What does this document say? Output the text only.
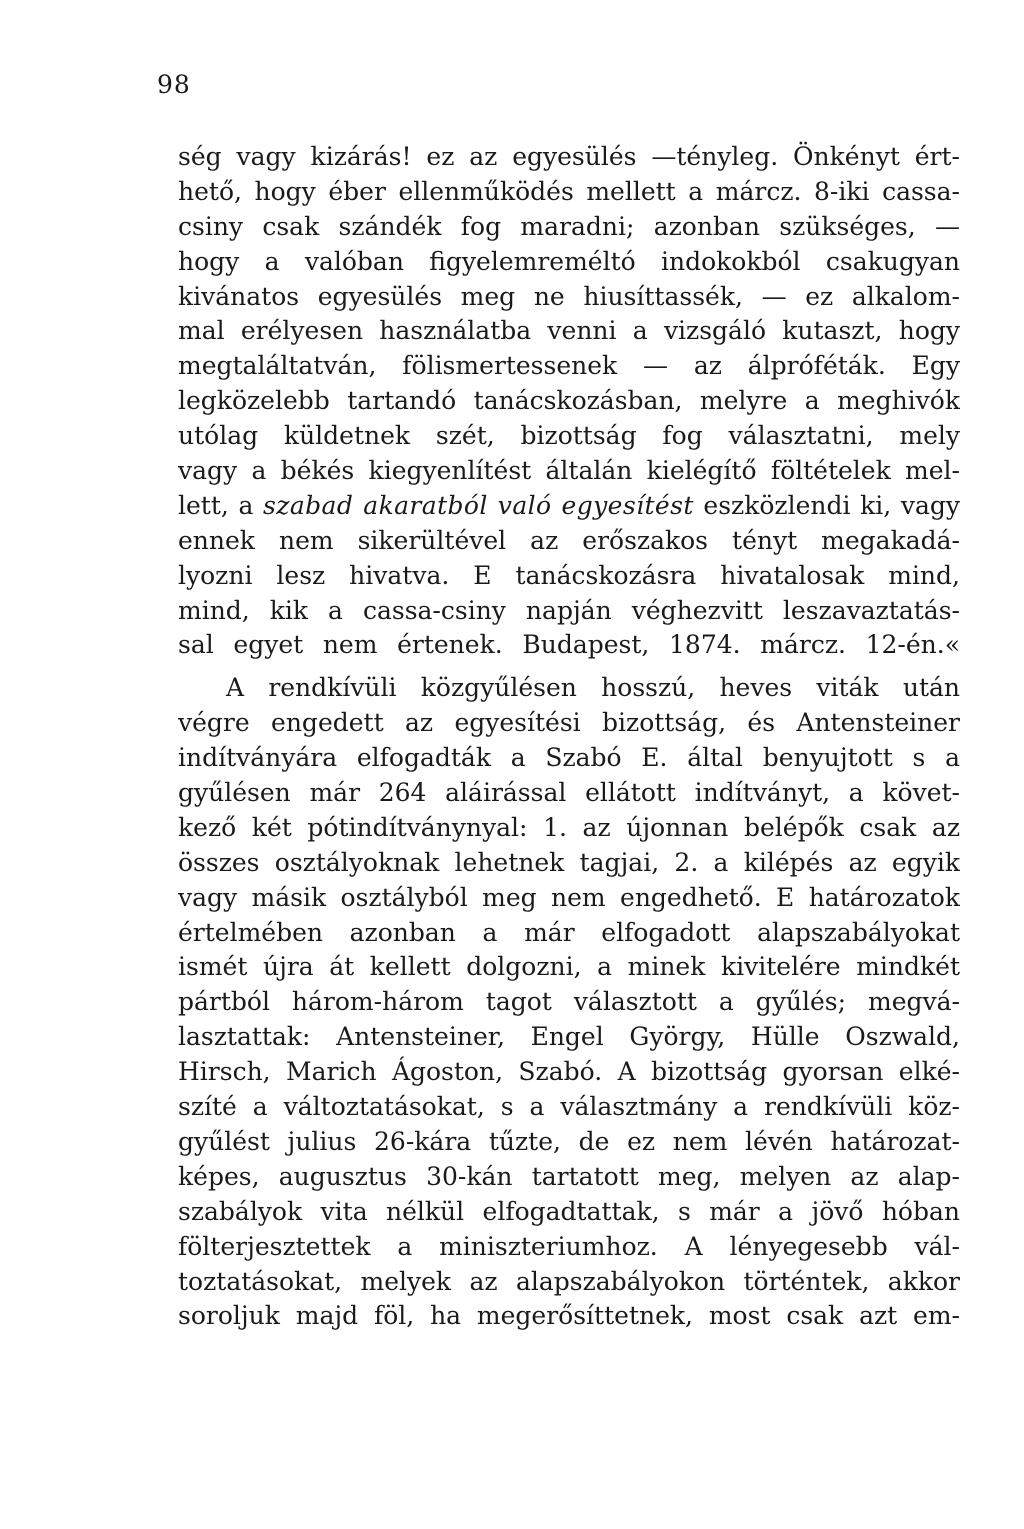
98
ség vagy kizárás! ez az egyesülés —tényleg. Önkényt ért-
hető, hogy éber ellenműködés mellett a márcz. 8-iki cassa-
csiny csak szándék fog maradni; azonban szükséges, —
hogy a valóban figyelemreméltó indokokból csakugyan
kivánatos egyesülés meg ne hiusíttassék, — ez alkalom-
mal erélyesen használatba venni a vizsgáló kutaszt, hogy
megtaláltatván, fölismertessenek — az álpróféták. Egy
legközelebb tartandó tanácskozásban, melyre a meghivók
utólag küldetnek szét, bizottság fog választatni, mely
vagy a békés kiegyenlítést általán kielégítő föltételek mel-
lett, a szabad akaratból való egyesítést eszközlendi ki, vagy
ennek nem sikerültével az erőszakos tényt megakadá-
lyozni lesz hivatva. E tanácskozásra hivatalosak mind,
mind, kik a cassa-csiny napján véghezvitt leszavaztatás-
sal egyet nem értenek. Budapest, 1874. márcz. 12-én.«
A rendkívüli közgyűlésen hosszú, heves viták után
végre engedett az egyesítési bizottság, és Antensteiner
indítványára elfogadták a Szabó E. által benyujtott s a
gyűlésen már 264 aláirással ellátott indítványt, a követ-
kező két pótindítványnyal: 1. az újonnan belépők csak az
összes osztályoknak lehetnek tagjai, 2. a kilépés az egyik
vagy másik osztályból meg nem engedhető. E határozatok
értelmében azonban a már elfogadott alapszabályokat
ismét újra át kellett dolgozni, a minek kivitelére mindkét
pártból három-három tagot választott a gyűlés; megvá-
lasztattak: Antensteiner, Engel György, Hülle Oszwald,
Hirsch, Marich Ágoston, Szabó. A bizottság gyorsan elké-
szíté a változtatásokat, s a választmány a rendkívüli köz-
gyűlést julius 26-kára tűzte, de ez nem lévén határozat-
képes, augusztus 30-kán tartatott meg, melyen az alap-
szabályok vita nélkül elfogadtattak, s már a jövő hóban
fölterjesztettek a miniszteriumhoz. A lényegesebb vál-
toztatásokat, melyek az alapszabályokon történtek, akkor
soroljuk majd föl, ha megerősíttetnek, most csak azt em-
